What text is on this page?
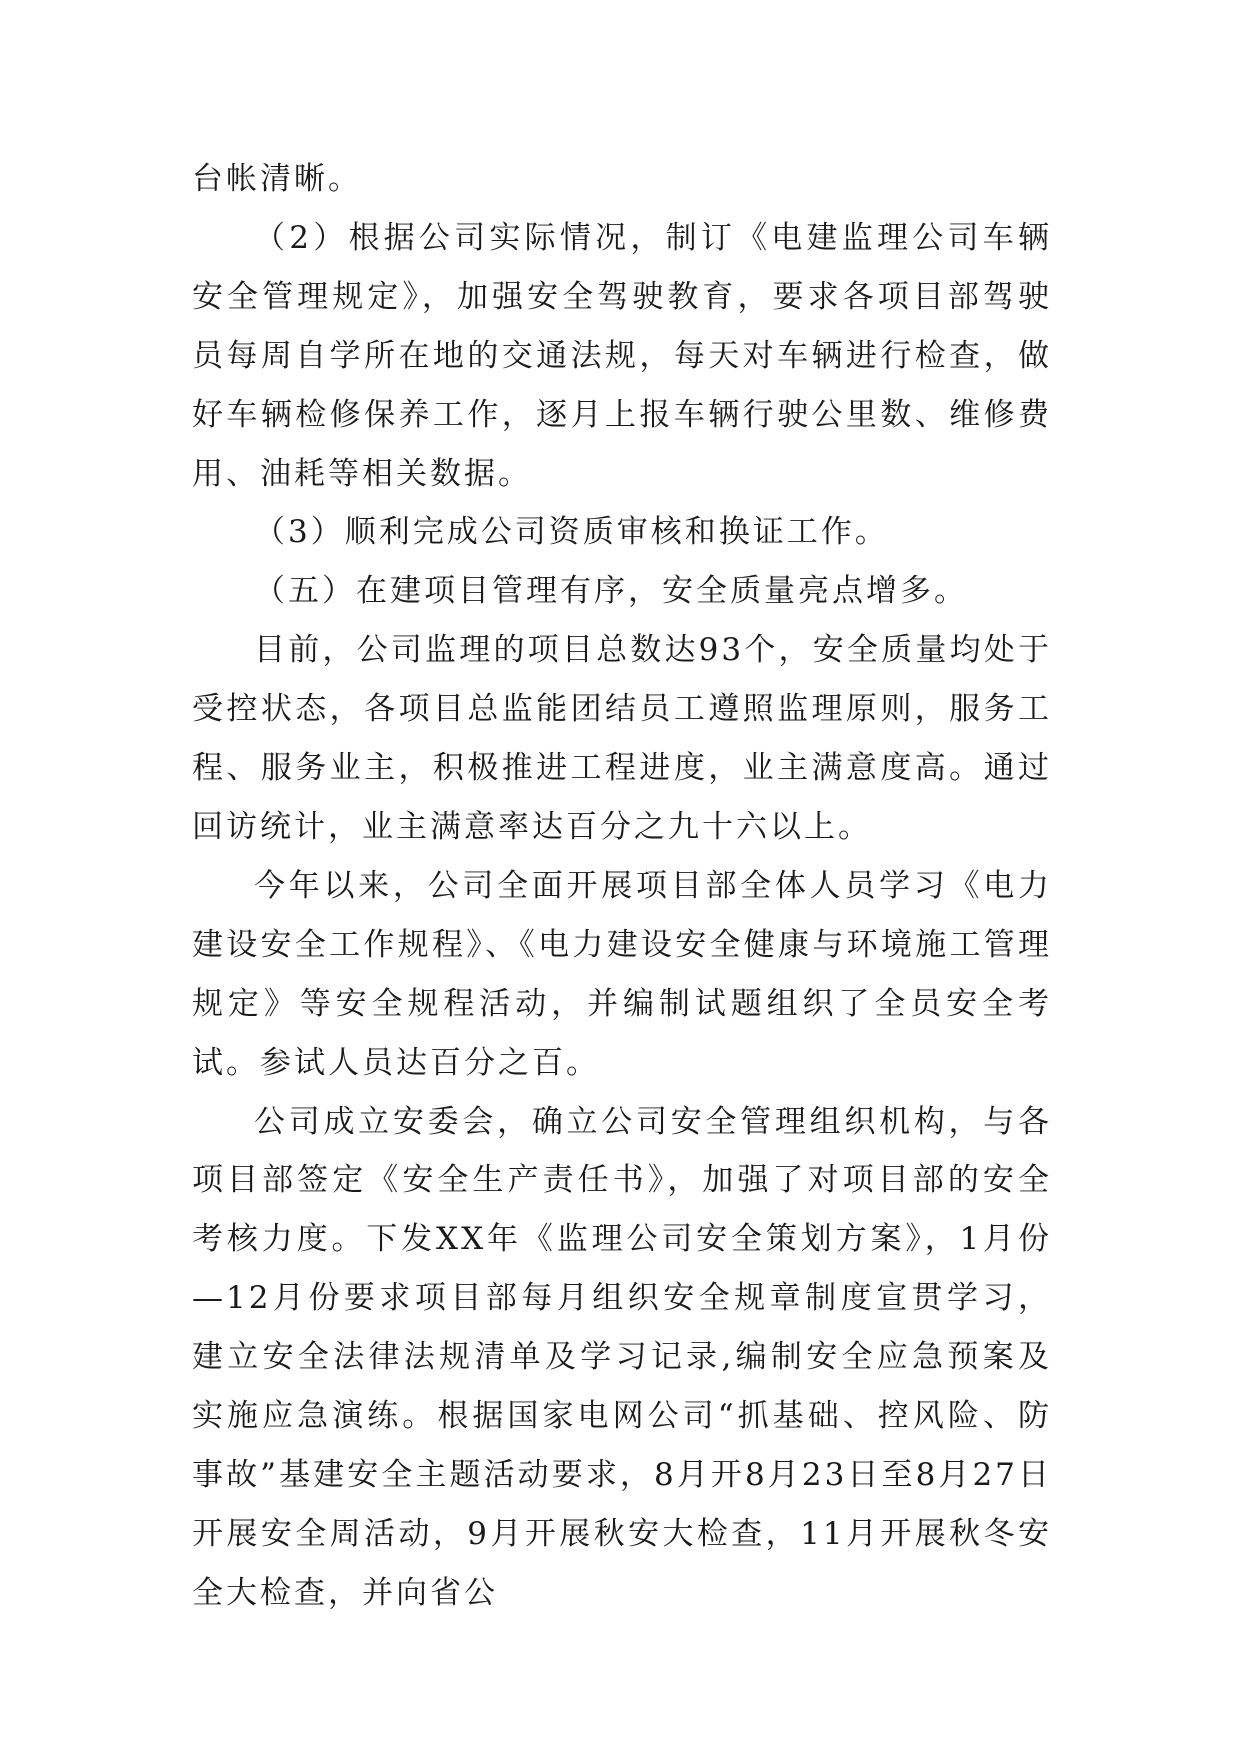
台帐清晰。

（2）根据公司实际情况，制订《电建监理公司车辆安全管理规定》，加强安全驾驶教育，要求各项目部驾驶员每周自学所在地的交通法规，每天对车辆进行检查，做好车辆检修保养工作，逐月上报车辆行驶公里数、维修费用、油耗等相关数据。

（3）顺利完成公司资质审核和换证工作。

（五）在建项目管理有序，安全质量亮点增多。

目前，公司监理的项目总数达93个，安全质量均处于受控状态，各项目总监能团结员工遵照监理原则，服务工程、服务业主，积极推进工程进度，业主满意度高。通过回访统计，业主满意率达百分之九十六以上。

今年以来，公司全面开展项目部全体人员学习《电力建设安全工作规程》、《电力建设安全健康与环境施工管理规定》等安全规程活动，并编制试题组织了全员安全考试。参试人员达百分之百。

公司成立安委会，确立公司安全管理组织机构，与各项目部签定《安全生产责任书》，加强了对项目部的安全考核力度。下发XX年《监理公司安全策划方案》，1月份—12月份要求项目部每月组织安全规章制度宣贯学习，建立安全法律法规清单及学习记录,编制安全应急预案及实施应急演练。根据国家电网公司“抓基础、控风险、防事故”基建安全主题活动要求，8月开8月23日至8月27日开展安全周活动，9月开展秋安大检查，11月开展秋冬安全大检查，并向省公
